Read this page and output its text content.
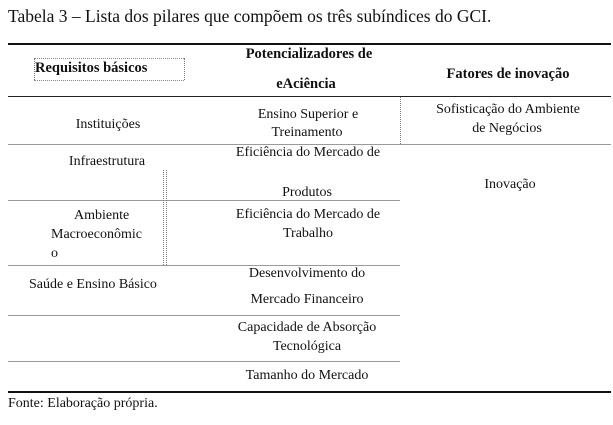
Tabela 3 – Lista dos pilares que compõem os três subíndices do GCI.
Requisitos básicos
Potencializadores de
eAciência
Fatores de inovação
Instituições
Infraestrutura
Ambiente
Macroeconômic
o
Saúde e Ensino Básico
Ensino Superior e
Treinamento
Eficiência do Mercado de
Produtos
Eficiência do Mercado de
Trabalho
Desenvolvimento do
Mercado Financeiro
Capacidade de Absorção
Tecnológica
Tamanho do Mercado
Sofisticação do Ambiente
de Negócios
Inovação
Fonte: Elaboração própria.
